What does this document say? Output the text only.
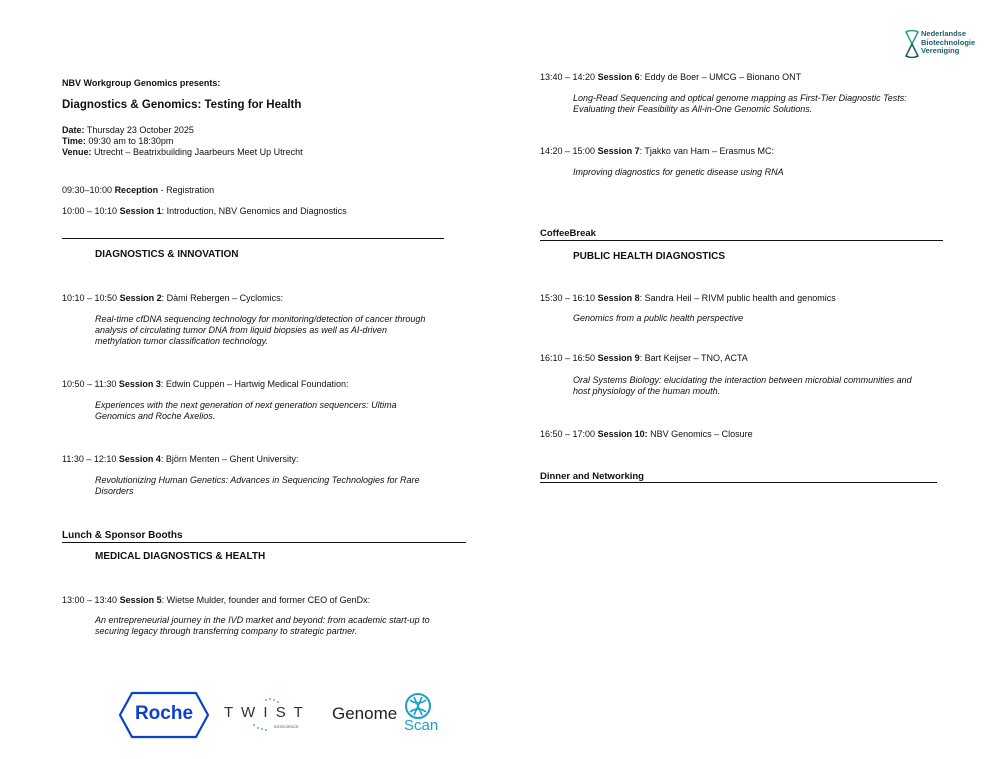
Nederlandse
Biotechnologie
Vereniging
NBV Workgroup Genomics presents:
Diagnostics & Genomics: Testing for Health
Date: Thursday 23 October 2025
Time: 09:30 am to 18:30pm
Venue: Utrecht – Beatrixbuilding Jaarbeurs Meet Up Utrecht
09:30–10:00 Reception - Registration
10:00 – 10:10 Session 1: Introduction, NBV Genomics and Diagnostics
DIAGNOSTICS & INNOVATION
10:10 – 10:50 Session 2: Dàmi Rebergen – Cyclomics:
Real-time cfDNA sequencing technology for monitoring/detection of cancer through
analysis of circulating tumor DNA from liquid biopsies as well as AI-driven
methylation tumor classification technology.
10:50 – 11:30 Session 3: Edwin Cuppen – Hartwig Medical Foundation:
Experiences with the next generation of next generation sequencers: Ultima
Genomics and Roche Axelios.
11:30 – 12:10 Session 4: Björn Menten – Ghent University:
Revolutionizing Human Genetics: Advances in Sequencing Technologies for Rare
Disorders
Lunch & Sponsor Booths
MEDICAL DIAGNOSTICS & HEALTH
13:00 – 13:40 Session 5: Wietse Mulder, founder and former CEO of GenDx:
An entrepreneurial journey in the IVD market and beyond: from academic start-up to
securing legacy through transferring company to strategic partner.
13:40 – 14:20 Session 6: Eddy de Boer – UMCG – Bionano ONT
Long-Read Sequencing and optical genome mapping as First-Tier Diagnostic Tests:
Evaluating their Feasibility as All-in-One Genomic Solutions.
14:20 – 15:00 Session 7: Tjakko van Ham – Erasmus MC:
Improving diagnostics for genetic disease using RNA
CoffeeBreak
PUBLIC HEALTH DIAGNOSTICS
15:30 – 16:10 Session 8: Sandra Heil – RIVM public health and genomics
Genomics from a public health perspective
16:10 – 16:50 Session 9: Bart Keijser – TNO, ACTA
Oral Systems Biology: elucidating the interaction between microbial communities and
host physiology of the human mouth.
16:50 – 17:00 Session 10: NBV Genomics – Closure
Dinner and Networking
Roche	T W I S T
BIOSCIENCE
Genome
Scan
